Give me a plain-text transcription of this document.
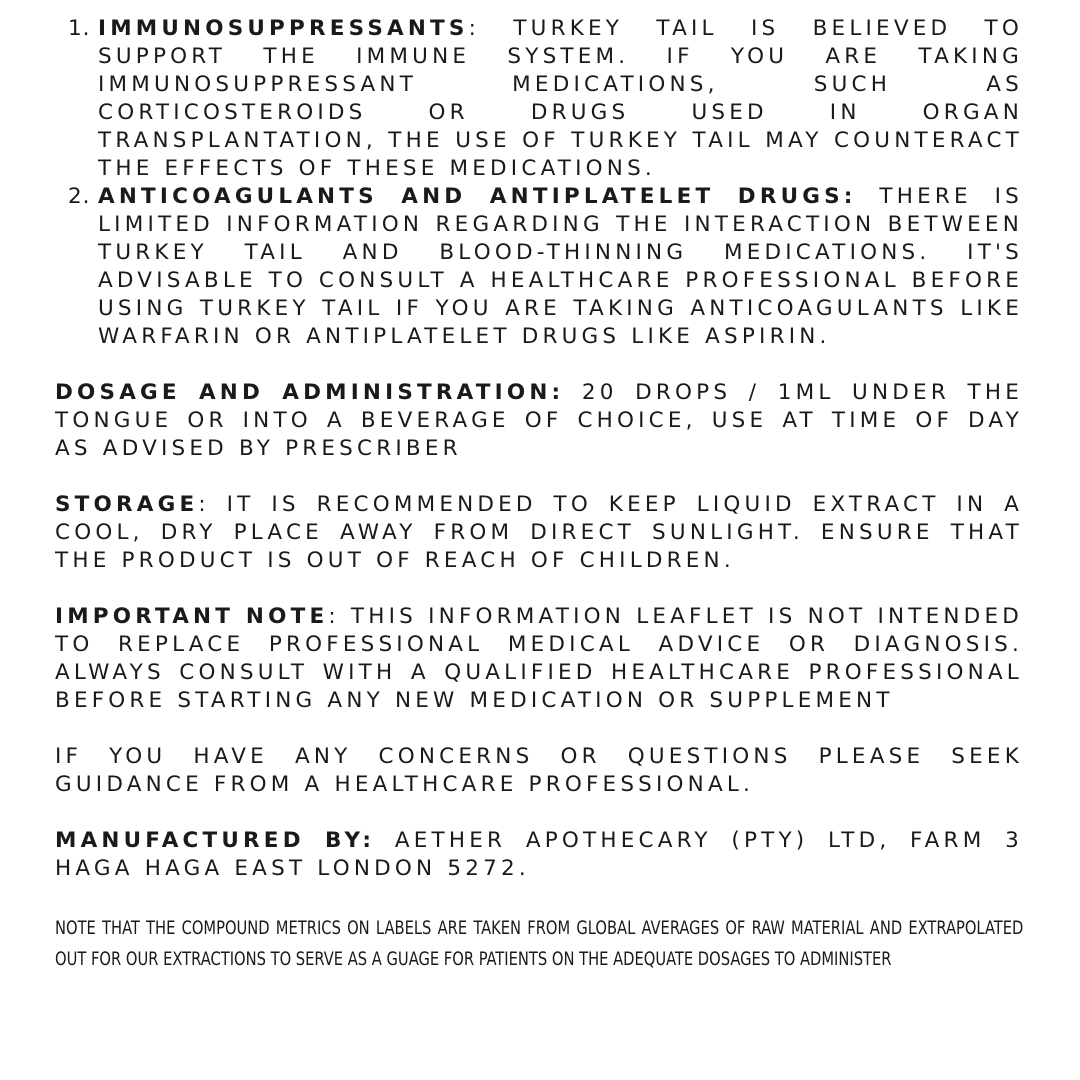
1. IMMUNOSUPPRESSANTS: TURKEY TAIL IS BELIEVED TO SUPPORT THE IMMUNE SYSTEM. IF YOU ARE TAKING IMMUNOSUPPRESSANT MEDICATIONS, SUCH AS CORTICOSTEROIDS OR DRUGS USED IN ORGAN TRANSPLANTATION, THE USE OF TURKEY TAIL MAY COUNTERACT THE EFFECTS OF THESE MEDICATIONS.
2. ANTICOAGULANTS AND ANTIPLATELET DRUGS: THERE IS LIMITED INFORMATION REGARDING THE INTERACTION BETWEEN TURKEY TAIL AND BLOOD-THINNING MEDICATIONS. IT'S ADVISABLE TO CONSULT A HEALTHCARE PROFESSIONAL BEFORE USING TURKEY TAIL IF YOU ARE TAKING ANTICOAGULANTS LIKE WARFARIN OR ANTIPLATELET DRUGS LIKE ASPIRIN.

DOSAGE AND ADMINISTRATION: 20 DROPS / 1ML UNDER THE TONGUE OR INTO A BEVERAGE OF CHOICE, USE AT TIME OF DAY AS ADVISED BY PRESCRIBER

STORAGE: IT IS RECOMMENDED TO KEEP LIQUID EXTRACT IN A COOL, DRY PLACE AWAY FROM DIRECT SUNLIGHT. ENSURE THAT THE PRODUCT IS OUT OF REACH OF CHILDREN.

IMPORTANT NOTE: THIS INFORMATION LEAFLET IS NOT INTENDED TO REPLACE PROFESSIONAL MEDICAL ADVICE OR DIAGNOSIS. ALWAYS CONSULT WITH A QUALIFIED HEALTHCARE PROFESSIONAL BEFORE STARTING ANY NEW MEDICATION OR SUPPLEMENT

IF YOU HAVE ANY CONCERNS OR QUESTIONS PLEASE SEEK GUIDANCE FROM A HEALTHCARE PROFESSIONAL.

MANUFACTURED BY: AETHER APOTHECARY (PTY) LTD, FARM 3 HAGA HAGA EAST LONDON 5272.

NOTE THAT THE COMPOUND METRICS ON LABELS ARE TAKEN FROM GLOBAL AVERAGES OF RAW MATERIAL AND EXTRAPOLATED OUT FOR OUR EXTRACTIONS TO SERVE AS A GUAGE FOR PATIENTS ON THE ADEQUATE DOSAGES TO ADMINISTER
